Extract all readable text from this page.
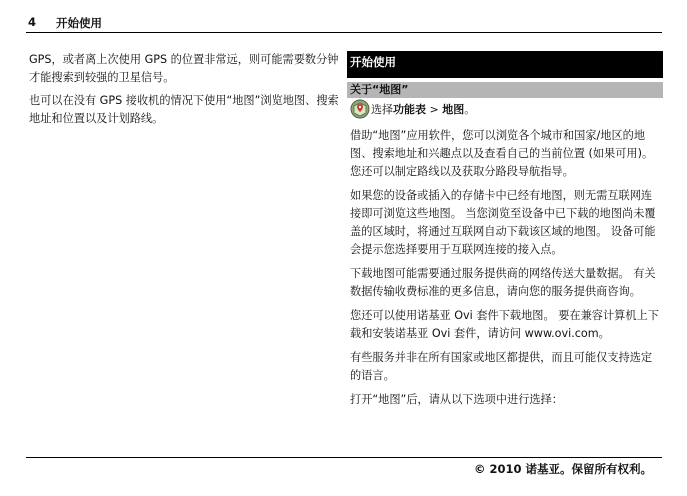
4 开始使用

GPS，或者离上次使用 GPS 的位置非常远，则可能需要数分钟才能搜索到较强的卫星信号。

也可以在没有 GPS 接收机的情况下使用“地图”浏览地图、搜索地址和位置以及计划路线。

开始使用
关于“地图”
选择功能表 > 地图。

借助“地图”应用软件，您可以浏览各个城市和国家/地区的地图、搜索地址和兴趣点以及查看自己的当前位置 (如果可用)。 您还可以制定路线以及获取分路段导航指导。

如果您的设备或插入的存储卡中已经有地图，则无需互联网连接即可浏览这些地图。 当您浏览至设备中已下载的地图尚未覆盖的区域时，将通过互联网自动下载该区域的地图。 设备可能会提示您选择要用于互联网连接的接入点。

下载地图可能需要通过服务提供商的网络传送大量数据。 有关数据传输收费标准的更多信息，请向您的服务提供商咨询。

您还可以使用诺基亚 Ovi 套件下载地图。 要在兼容计算机上下载和安装诺基亚 Ovi 套件，请访问 www.ovi.com。

有些服务并非在所有国家或地区都提供，而且可能仅支持选定的语言。

打开“地图”后，请从以下选项中进行选择：

© 2010 诺基亚。保留所有权利。
